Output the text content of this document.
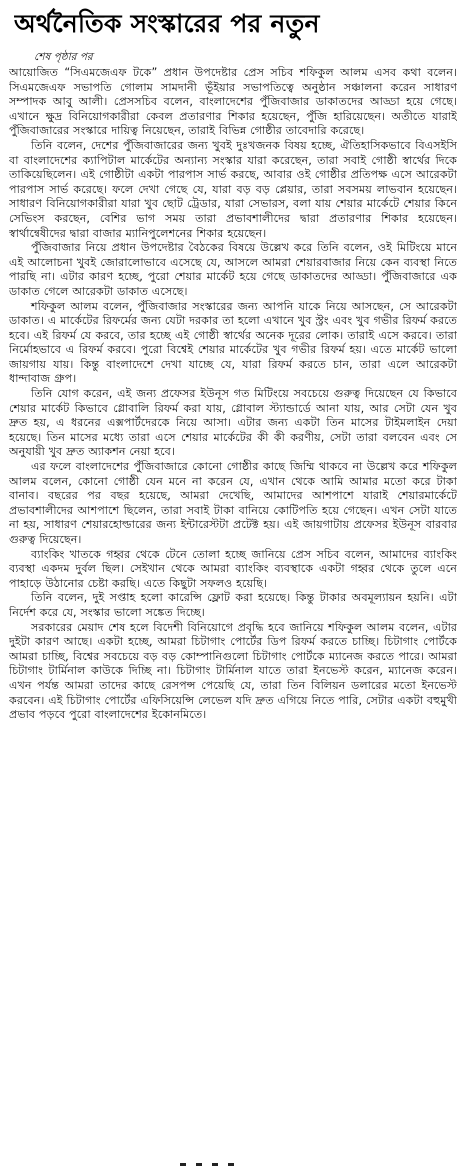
অর্থনৈতিক সংস্কারের পর নতুন
শেষ পৃষ্ঠার পর

আয়োজিত “সিএমজেএফ টকে” প্রধান উপদেষ্টার প্রেস সচিব শফিকুল আলম এসব কথা বলেন। সিএমজেএফ সভাপতি গোলাম সামদানী ভূঁইয়ার সভাপতিত্বে অনুষ্ঠান সঞ্চালনা করেন সাধারণ সম্পাদক আবু আলী। প্রেসসচিব বলেন, বাংলাদেশের পুঁজিবাজার ডাকাতদের আড্ডা হয়ে গেছে। এখানে ক্ষুদ্র বিনিয়োগকারীরা কেবল প্রতারণার শিকার হয়েছেন, পুঁজি হারিয়েছেন। অতীতে যারাই পুঁজিবাজারের সংস্কারে দায়িত্ব নিয়েছেন, তারাই বিভিন্ন গোষ্ঠীর তাবেদারি করেছে।

তিনি বলেন, দেশের পুঁজিবাজারের জন্য খুবই দুঃখজনক বিষয় হচ্ছে, ঐতিহাসিকভাবে বিএসইসি বা বাংলাদেশের ক্যাপিটাল মার্কেটের অন্যান্য সংস্কার যারা করেছেন, তারা সবাই গোষ্ঠী স্বার্থের দিকে তাকিয়েছিলেন। এই গোষ্ঠীটা একটা পারপাস সার্ভ করছে, আবার ওই গোষ্ঠীর প্রতিপক্ষ এসে আরেকটা পারপাস সার্ভ করেছে। ফলে দেখা গেছে যে, যারা বড় বড় প্লেয়ার, তারা সবসময় লাভবান হয়েছেন। সাধারণ বিনিয়োগকারীরা যারা খুব ছোট ট্রেডার, যারা সেভারস, বলা যায় শেয়ার মার্কেটে শেয়ার কিনে সেভিংস করছেন, বেশির ভাগ সময় তারা প্রভাবশালীদের দ্বারা প্রতারণার শিকার হয়েছেন। স্বার্থান্বেষীদের দ্বারা বাজার ম্যানিপুলেশনের শিকার হয়েছেন।

পুঁজিবাজার নিয়ে প্রধান উপদেষ্টার বৈঠকের বিষয়ে উল্লেখ করে তিনি বলেন, ওই মিটিংয়ে মানে এই আলোচনা খুবই জোরালোভাবে এসেছে যে, আসলে আমরা শেয়ারবাজার নিয়ে কেন ব্যবস্থা নিতে পারছি না। এটার কারণ হচ্ছে, পুরো শেয়ার মার্কেট হয়ে গেছে ডাকাতদের আড্ডা। পুঁজিবাজারে এক ডাকাত গেলে আরেকটা ডাকাত এসেছে।

শফিকুল আলম বলেন, পুঁজিবাজার সংস্কারের জন্য আপনি যাকে নিয়ে আসছেন, সে আরেকটা ডাকাত। এ মার্কেটের রিফর্মের জন্য যেটা দরকার তা হলো এখানে খুব স্ট্রং এবং খুব গভীর রিফর্ম করতে হবে। এই রিফর্ম যে করবে, তার হচ্ছে এই গোষ্ঠী স্বার্থের অনেক দূরের লোক। তারাই এসে করবে। তারা নির্মোহভাবে এ রিফর্ম করবে। পুরো বিশ্বেই শেয়ার মার্কেটের খুব গভীর রিফর্ম হয়। এতে মার্কেট ভালো জায়গায় যায়। কিন্তু বাংলাদেশে দেখা যাচ্ছে যে, যারা রিফর্ম করতে চান, তারা এলে আরেকটা ধান্দাবাজ গ্রুপ।

তিনি যোগ করেন, এই জন্য প্রফেসর ইউনূস গত মিটিংয়ে সবচেয়ে গুরুত্ব দিয়েছেন যে কিভাবে শেয়ার মার্কেট কিভাবে গ্লোবালি রিফর্ম করা যায়, গ্লোবাল স্ট্যান্ডার্ডে আনা যায়, আর সেটা যেন খুব দ্রুত হয়, এ ধরনের এক্সপার্টদেরকে নিয়ে আসা। এটার জন্য একটা তিন মাসের টাইমলাইন দেয়া হয়েছে। তিন মাসের মধ্যে তারা এসে শেয়ার মার্কেটের কী কী করণীয়, সেটা তারা বলবেন এবং সে অনুযায়ী খুব দ্রুত অ্যাকশন নেয়া হবে।

এর ফলে বাংলাদেশের পুঁজিবাজারে কোনো গোষ্ঠীর কাছে জিম্মি থাকবে না উল্লেখ করে শফিকুল আলম বলেন, কোনো গোষ্ঠী যেন মনে না করেন যে, এখান থেকে আমি আমার মতো করে টাকা বানাব। বছরের পর বছর হয়েছে, আমরা দেখেছি, আমাদের আশপাশে যারাই শেয়ারমার্কেটে প্রভাবশালীদের আশপাশে ছিলেন, তারা সবাই টাকা বানিয়ে কোটিপতি হয়ে গেছেন। এখন সেটা যাতে না হয়, সাধারণ শেয়ারহোল্ডারের জন্য ইন্টারেস্টটা প্রটেক্ট হয়। এই জায়গাটায় প্রফেসর ইউনূস বারবার গুরুত্ব দিয়েছেন।

ব্যাংকিং খাতকে গহ্বর থেকে টেনে তোলা হচ্ছে জানিয়ে প্রেস সচিব বলেন, আমাদের ব্যাংকিং ব্যবস্থা একদম দুর্বল ছিল। সেইখান থেকে আমরা ব্যাংকিং ব্যবস্থাকে একটা গহ্বর থেকে তুলে এনে পাহাড়ে উঠানোর চেষ্টা করছি। এতে কিছুটা সফলও হয়েছি।

তিনি বলেন, দুই সপ্তাহ হলো কারেন্সি ফ্লোট করা হয়েছে। কিন্তু টাকার অবমূল্যায়ন হয়নি। এটা নির্দেশ করে যে, সংস্কার ভালো সঙ্কেত দিচ্ছে।

সরকারের মেয়াদ শেষ হলে বিদেশী বিনিয়োগে প্রবৃদ্ধি হবে জানিয়ে শফিকুল আলম বলেন, এটার দুইটা কারণ আছে। একটা হচ্ছে, আমরা চিটাগাং পোর্টের ডিপ রিফর্ম করতে চাচ্ছি। চিটাগাং পোর্টকে আমরা চাচ্ছি, বিশ্বের সবচেয়ে বড় বড় কোম্পানিগুলো চিটাগাং পোর্টকে ম্যানেজ করতে পারে। আমরা চিটাগাং টার্মিনাল কাউকে দিচ্ছি না। চিটাগাং টার্মিনাল যাতে তারা ইনভেস্ট করেন, ম্যানেজ করেন। এখন পর্যন্ত আমরা তাদের কাছে রেসপন্স পেয়েছি যে, তারা তিন বিলিয়ন ডলারের মতো ইনভেস্ট করবেন। এই চিটাগাং পোর্টের এফিসিয়েন্সি লেভেল যদি দ্রুত এগিয়ে নিতে পারি, সেটার একটা বহুমুখী প্রভাব পড়বে পুরো বাংলাদেশের ইকোনমিতে।
